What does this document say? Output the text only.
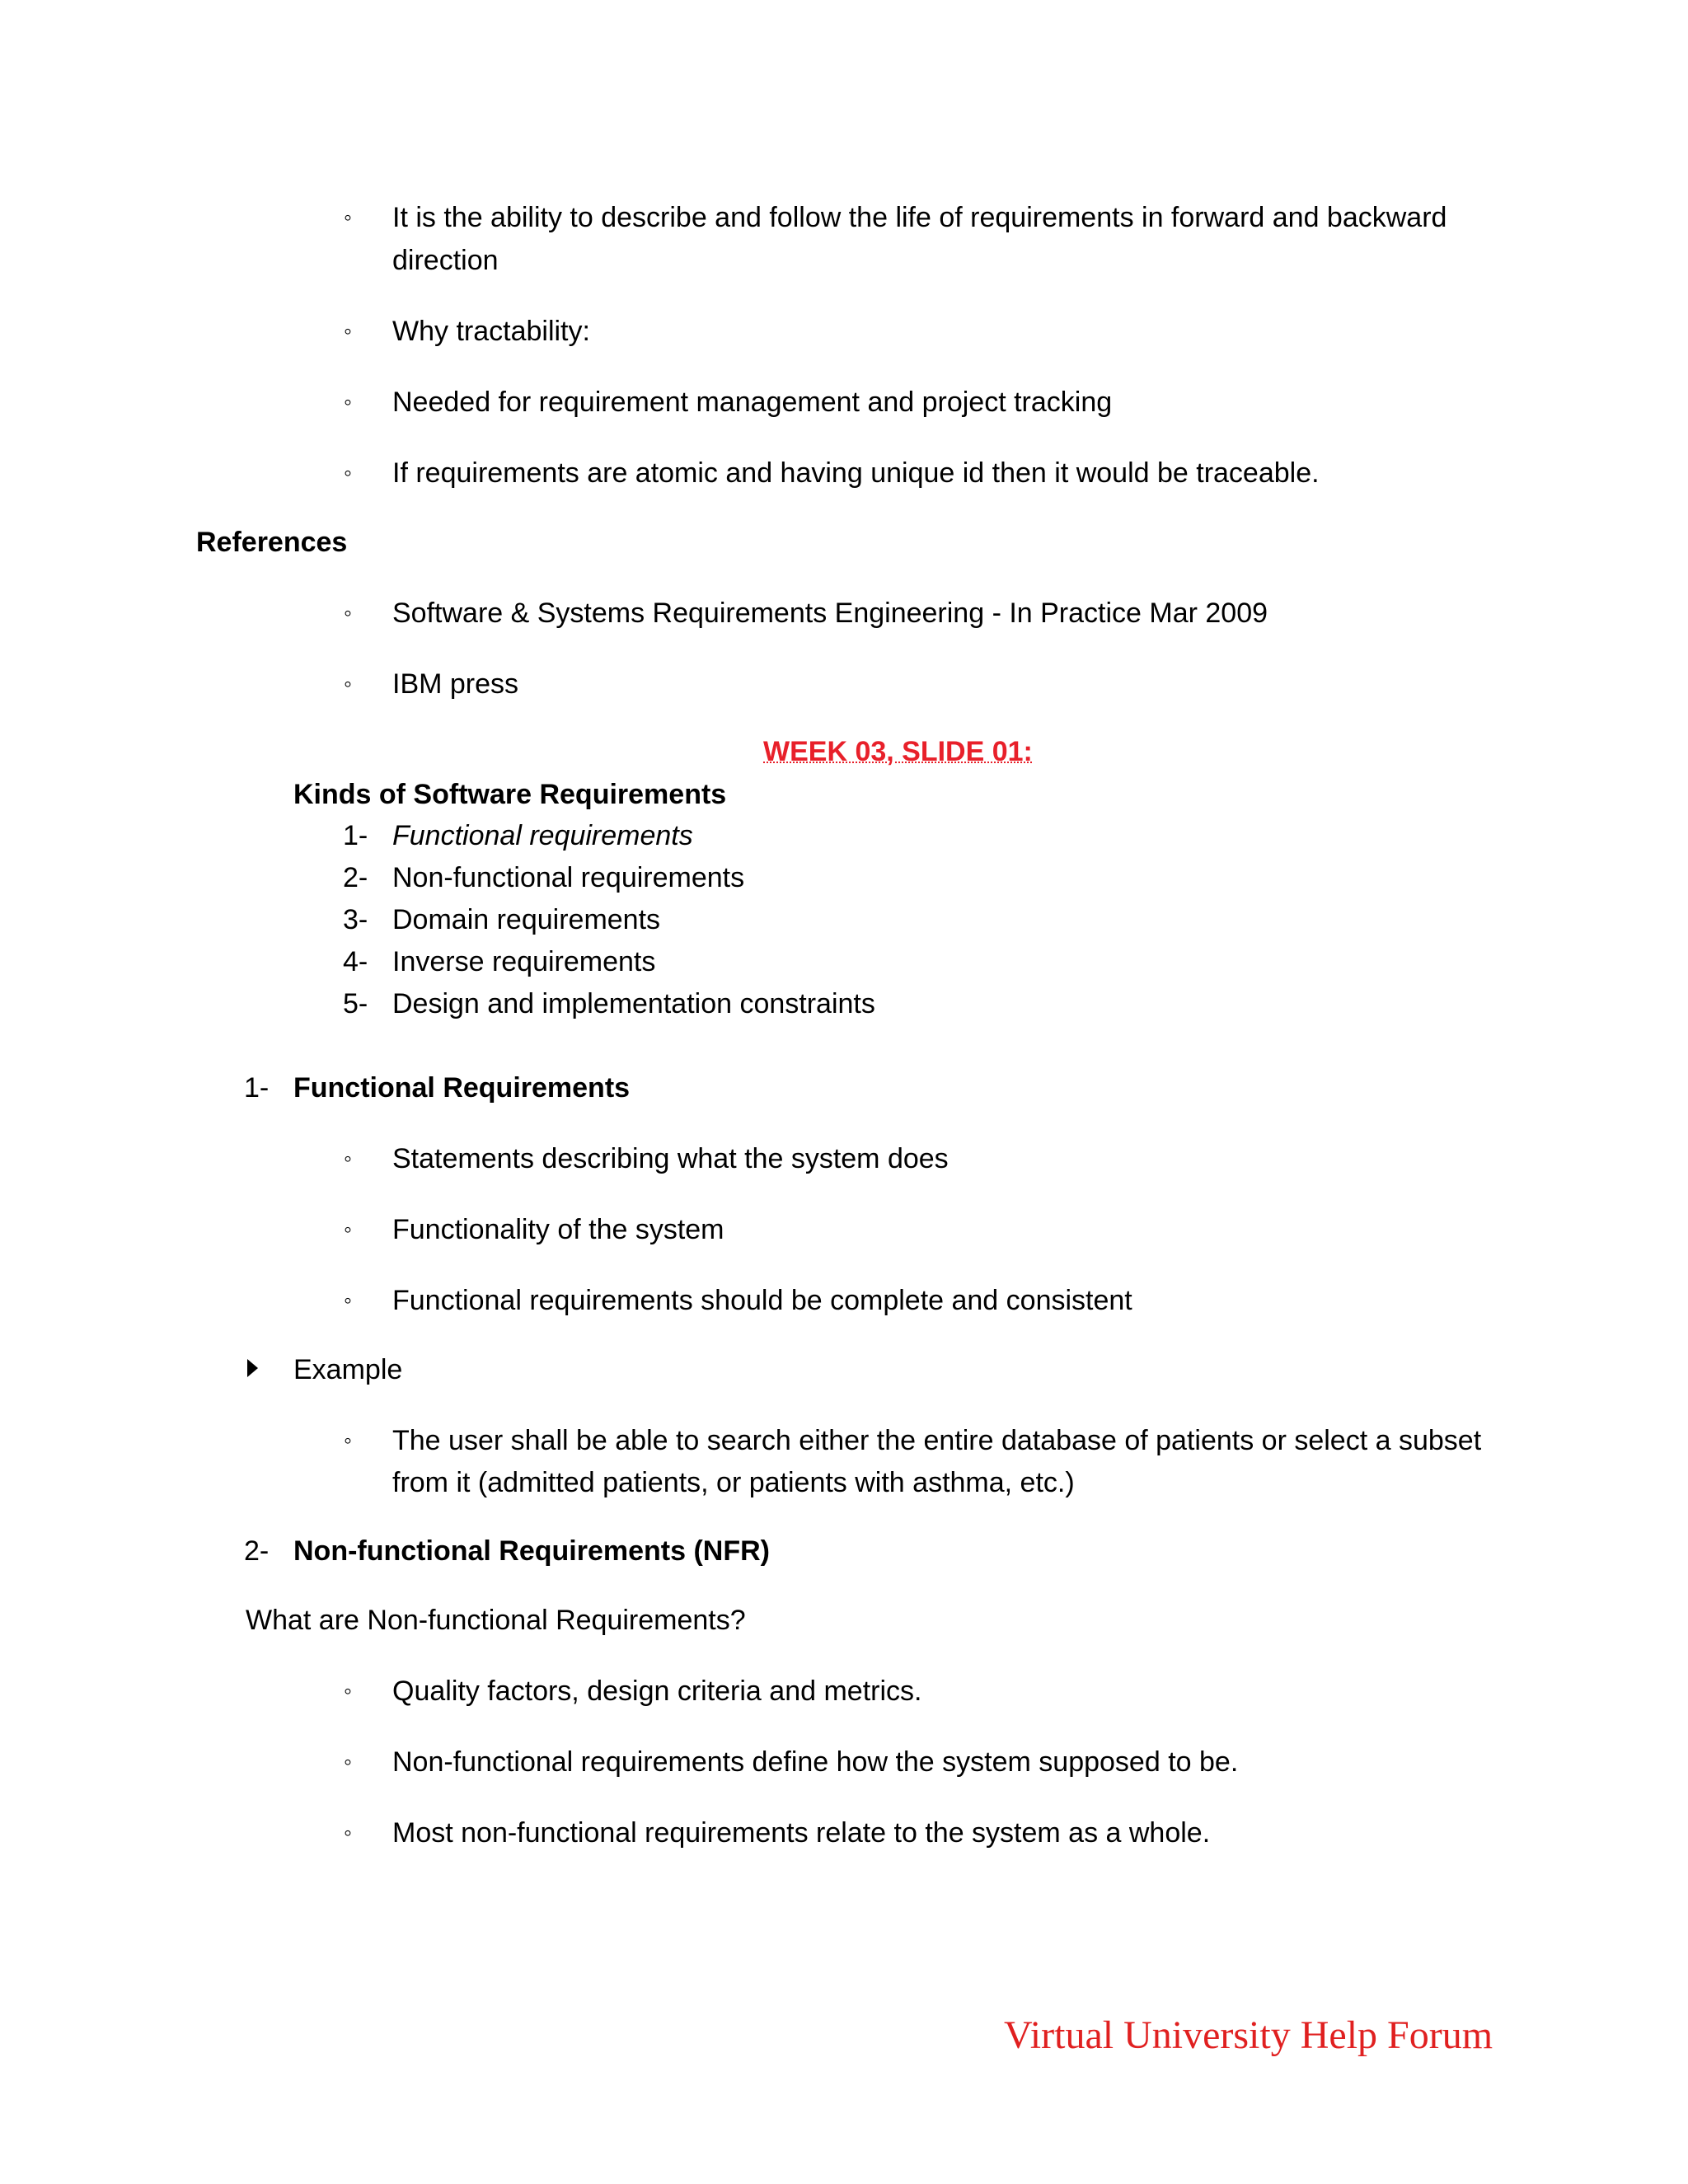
◦ It is the ability to describe and follow the life of requirements in forward and backward
direction
◦ Why tractability:
◦ Needed for requirement management and project tracking
◦ If requirements are atomic and having unique id then it would be traceable.
References
◦ Software & Systems Requirements Engineering - In Practice Mar 2009
◦ IBM press
WEEK 03, SLIDE 01:
Kinds of Software Requirements
1- Functional requirements
2- Non-functional requirements
3- Domain requirements
4- Inverse requirements
5- Design and implementation constraints
1- Functional Requirements
◦ Statements describing what the system does
◦ Functionality of the system
◦ Functional requirements should be complete and consistent
Example
◦ The user shall be able to search either the entire database of patients or select a subset
from it (admitted patients, or patients with asthma, etc.)
2- Non-functional Requirements (NFR)
What are Non-functional Requirements?
◦ Quality factors, design criteria and metrics.
◦ Non-functional requirements define how the system supposed to be.
◦ Most non-functional requirements relate to the system as a whole.
Virtual University Help Forum
